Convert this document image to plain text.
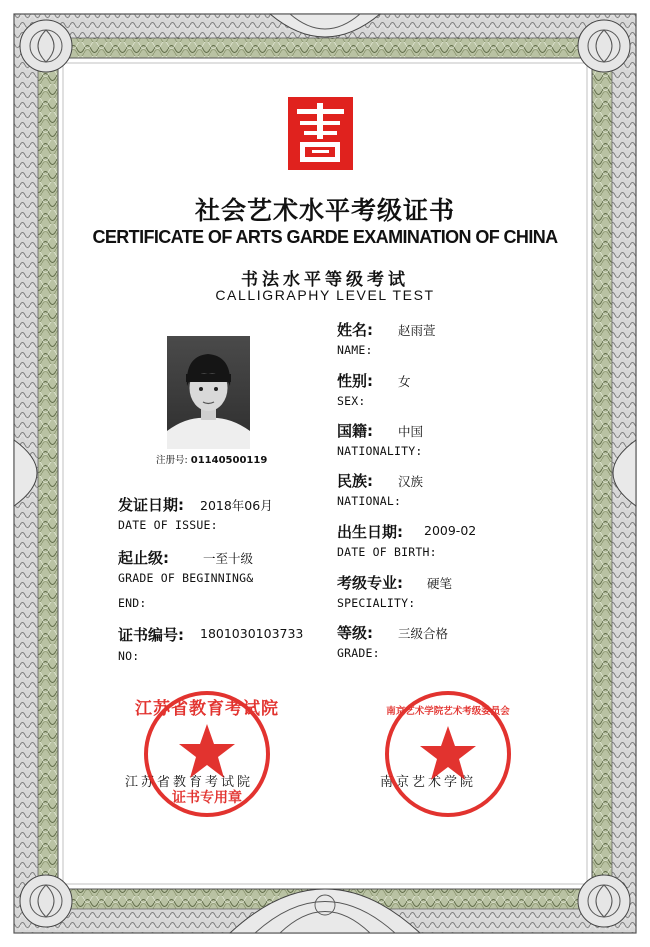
社会艺术水平考级证书
CERTIFICATE OF ARTS GARDE EXAMINATION OF CHINA
书法水平等级考试
CALLIGRAPHY LEVEL TEST
注册号: 01140500119
姓名: 赵雨萱
NAME:
性别: 女
SEX:
国籍: 中国
NATIONALITY:
民族: 汉族
NATIONAL:
出生日期: 2009-02
DATE OF BIRTH:
考级专业: 硬笔
SPECIALITY:
等级: 三级合格
GRADE:
发证日期: 2018年06月
DATE OF ISSUE:
起止级:	一至十级
GRADE OF BEGINNING&
END:
证书编号: 1801030103733
NO:
江苏省教育考试院	南京艺术学院
江苏省教育考试院
证书专用章
南京艺术学院艺术考级委员会
